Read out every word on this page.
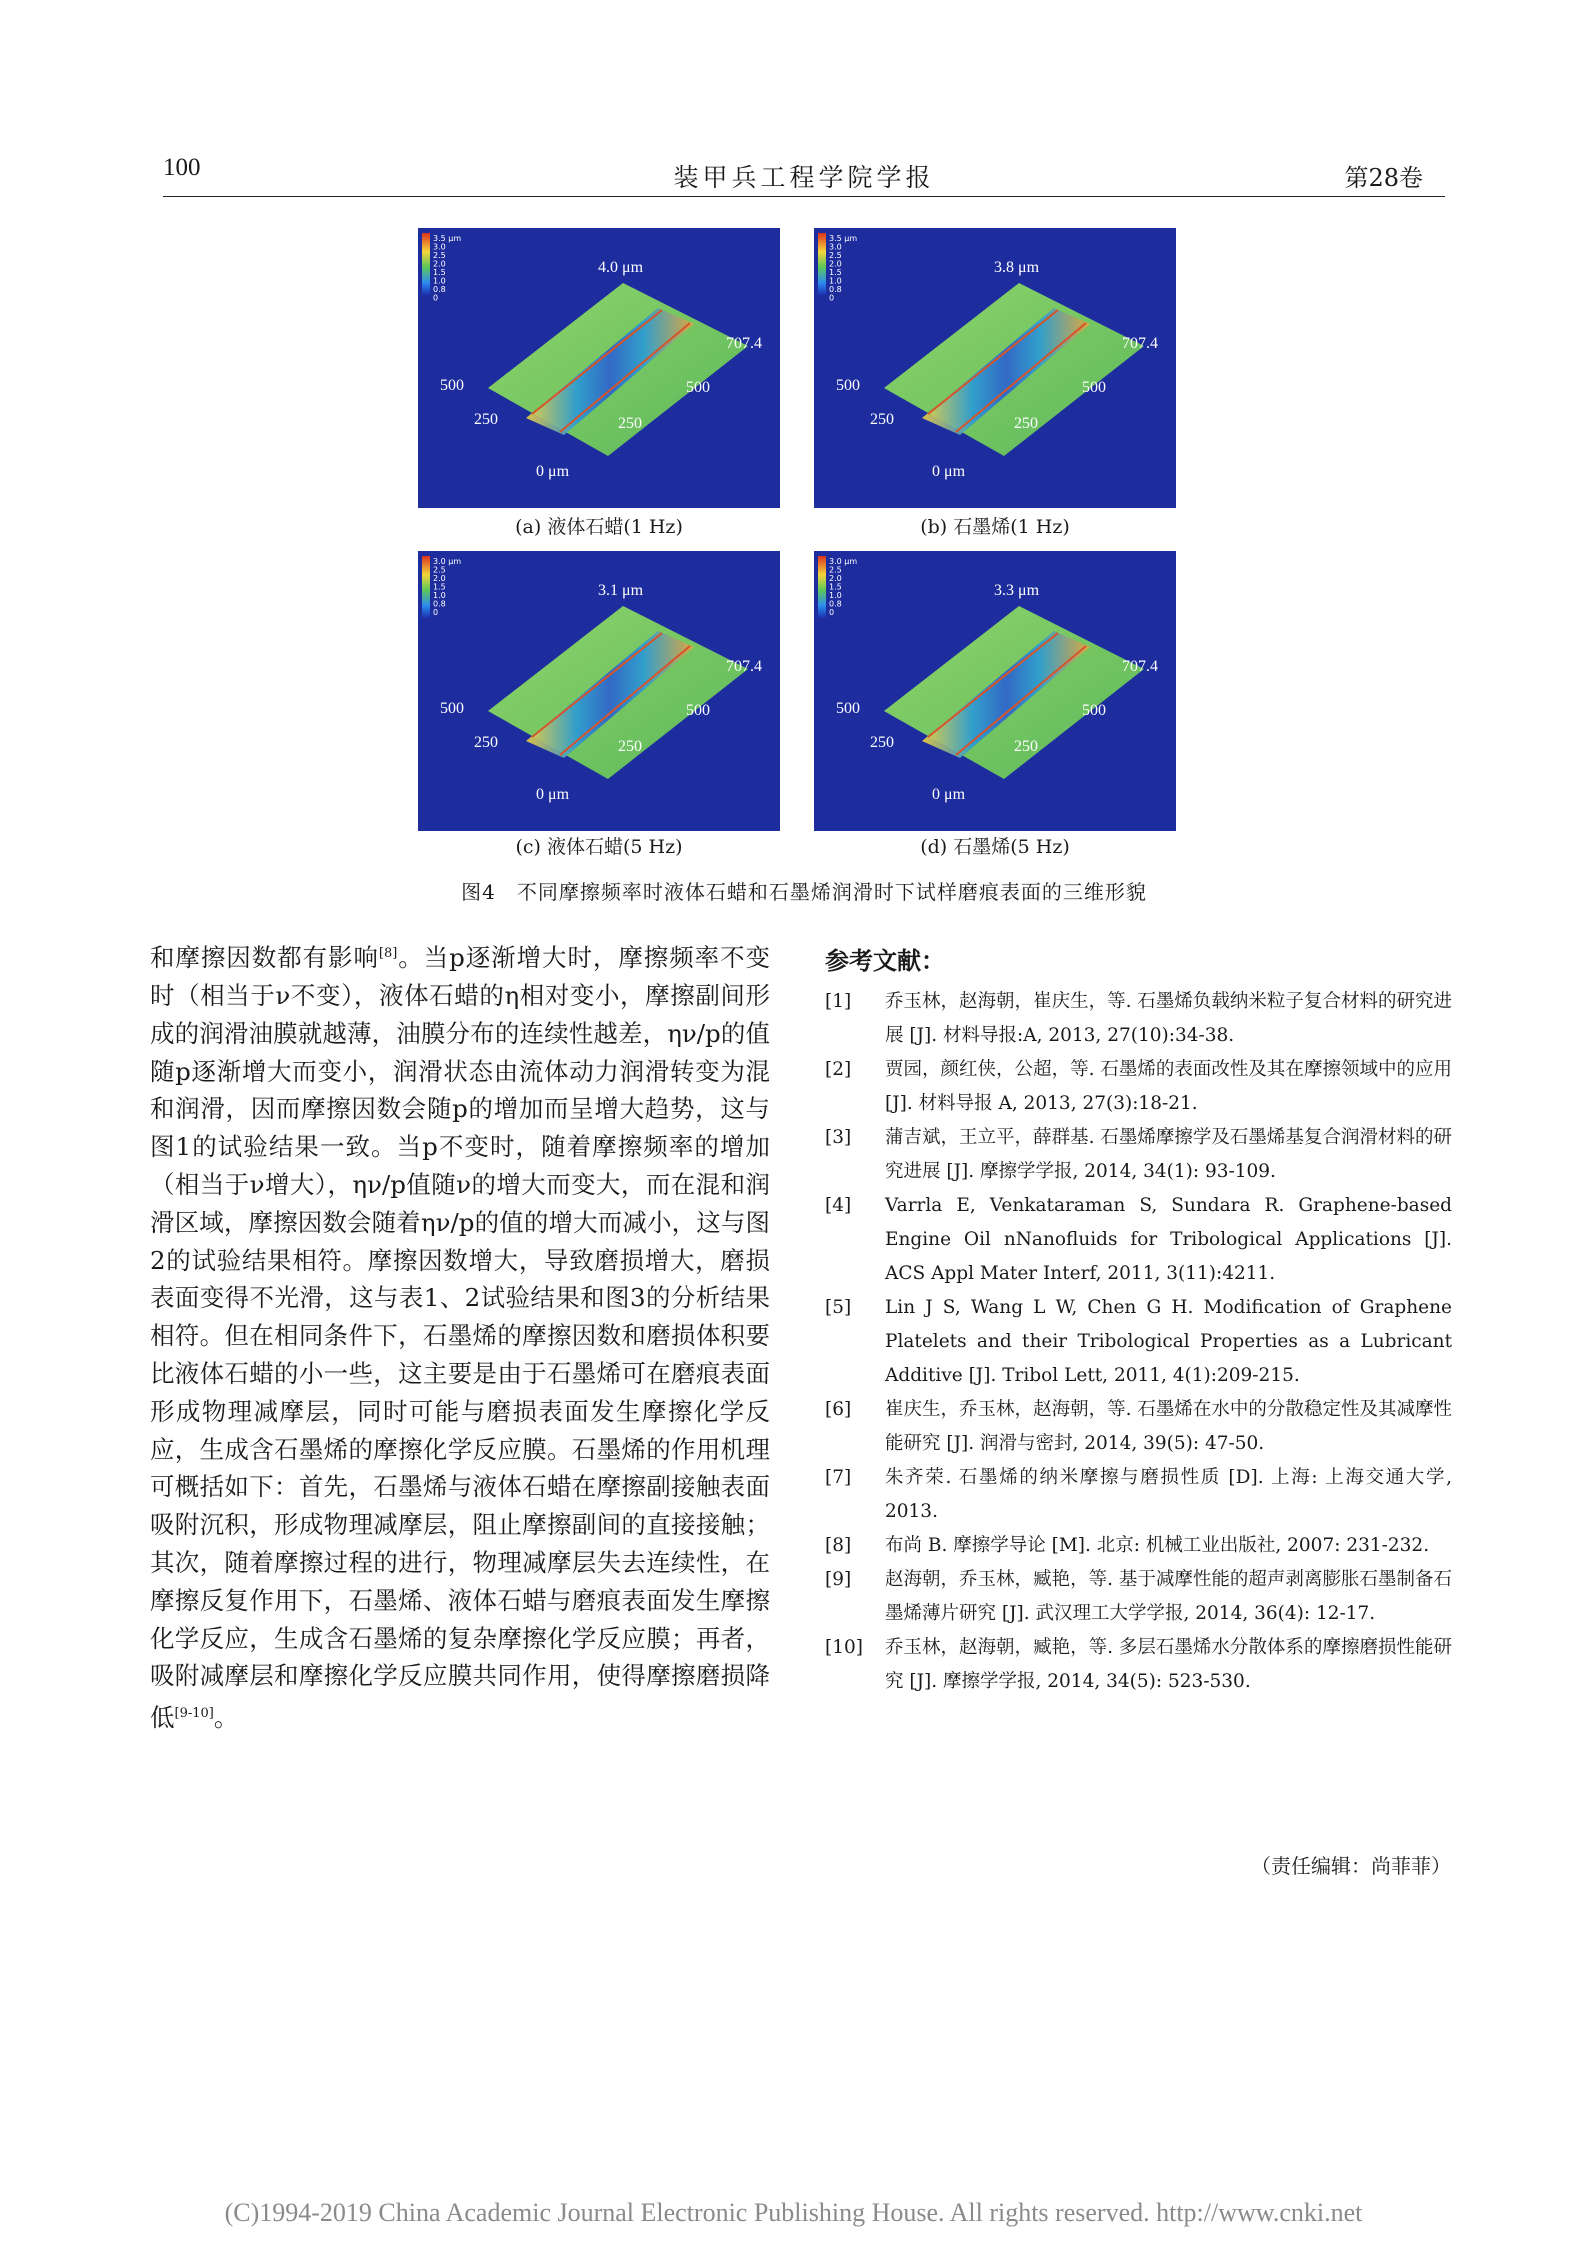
100	装甲兵工程学院学报	第28卷
3.5 μm
3.0
2.5
2.0
1.5
1.0
0.8
0
4.0 μm
707.4
500	500
250	250
0 μm
(a) 液体石蜡(1 Hz)
3.5 μm
3.0
2.5
2.0
1.5
1.0
0.8
0
3.8 μm
707.4
500	500
250	250
0 μm
(b) 石墨烯(1 Hz)
3.0 μm
2.5
2.0
1.5
1.0
0.8
0
3.1 μm
707.4
500	500
250	250
0 μm
(c) 液体石蜡(5 Hz)
3.0 μm
2.5
2.0
1.5
1.0
0.8
0
3.3 μm
707.4
500	500
250	250
0 μm
(d) 石墨烯(5 Hz)
图4　不同摩擦频率时液体石蜡和石墨烯润滑时下试样磨痕表面的三维形貌

和摩擦因数都有影响[8]。当p逐渐增大时，摩擦频率不变时（相当于ν不变），液体石蜡的η相对变小，摩擦副间形成的润滑油膜就越薄，油膜分布的连续性越差，ην/p的值随p逐渐增大而变小，润滑状态由流体动力润滑转变为混和润滑，因而摩擦因数会随p的增加而呈增大趋势，这与图1的试验结果一致。当p不变时，随着摩擦频率的增加（相当于ν增大），ην/p值随ν的增大而变大，而在混和润滑区域，摩擦因数会随着ην/p的值的增大而减小，这与图2的试验结果相符。摩擦因数增大，导致磨损增大，磨损表面变得不光滑，这与表1、2试验结果和图3的分析结果相符。但在相同条件下，石墨烯的摩擦因数和磨损体积要比液体石蜡的小一些，这主要是由于石墨烯可在磨痕表面形成物理减摩层，同时可能与磨损表面发生摩擦化学反应，生成含石墨烯的摩擦化学反应膜。石墨烯的作用机理可概括如下：首先，石墨烯与液体石蜡在摩擦副接触表面吸附沉积，形成物理减摩层，阻止摩擦副间的直接接触；其次，随着摩擦过程的进行，物理减摩层失去连续性，在摩擦反复作用下，石墨烯、液体石蜡与磨痕表面发生摩擦化学反应，生成含石墨烯的复杂摩擦化学反应膜；再者，吸附减摩层和摩擦化学反应膜共同作用，使得摩擦磨损降低[9-10]。

参考文献：
[1]	乔玉林，赵海朝，崔庆生，等. 石墨烯负载纳米粒子复合材料的研究进展 [J]. 材料导报:A, 2013, 27(10):34-38.
[2]	贾园，颜红侠，公超，等. 石墨烯的表面改性及其在摩擦领域中的应用 [J]. 材料导报 A, 2013, 27(3):18-21.
[3]	蒲吉斌，王立平，薛群基. 石墨烯摩擦学及石墨烯基复合润滑材料的研究进展 [J]. 摩擦学学报, 2014, 34(1): 93-109.
[4]	Varrla E, Venkataraman S, Sundara R. Graphene-based Engine Oil nNanofluids for Tribological Applications [J]. ACS Appl Mater Interf, 2011, 3(11):4211.
[5]	Lin J S, Wang L W, Chen G H. Modification of Graphene Platelets and their Tribological Properties as a Lubricant Additive [J]. Tribol Lett, 2011, 4(1):209-215.
[6]	崔庆生，乔玉林，赵海朝，等. 石墨烯在水中的分散稳定性及其减摩性能研究 [J]. 润滑与密封, 2014, 39(5): 47-50.
[7]	朱齐荣. 石墨烯的纳米摩擦与磨损性质 [D]. 上海: 上海交通大学, 2013.
[8]	布尚 B. 摩擦学导论 [M]. 北京: 机械工业出版社, 2007: 231-232.
[9]	赵海朝，乔玉林，臧艳，等. 基于减摩性能的超声剥离膨胀石墨制备石墨烯薄片研究 [J]. 武汉理工大学学报, 2014, 36(4): 12-17.
[10]	乔玉林，赵海朝，臧艳，等. 多层石墨烯水分散体系的摩擦磨损性能研究 [J]. 摩擦学学报, 2014, 34(5): 523-530.
（责任编辑：尚菲菲）
(C)1994-2019 China Academic Journal Electronic Publishing House. All rights reserved. http://www.cnki.net
